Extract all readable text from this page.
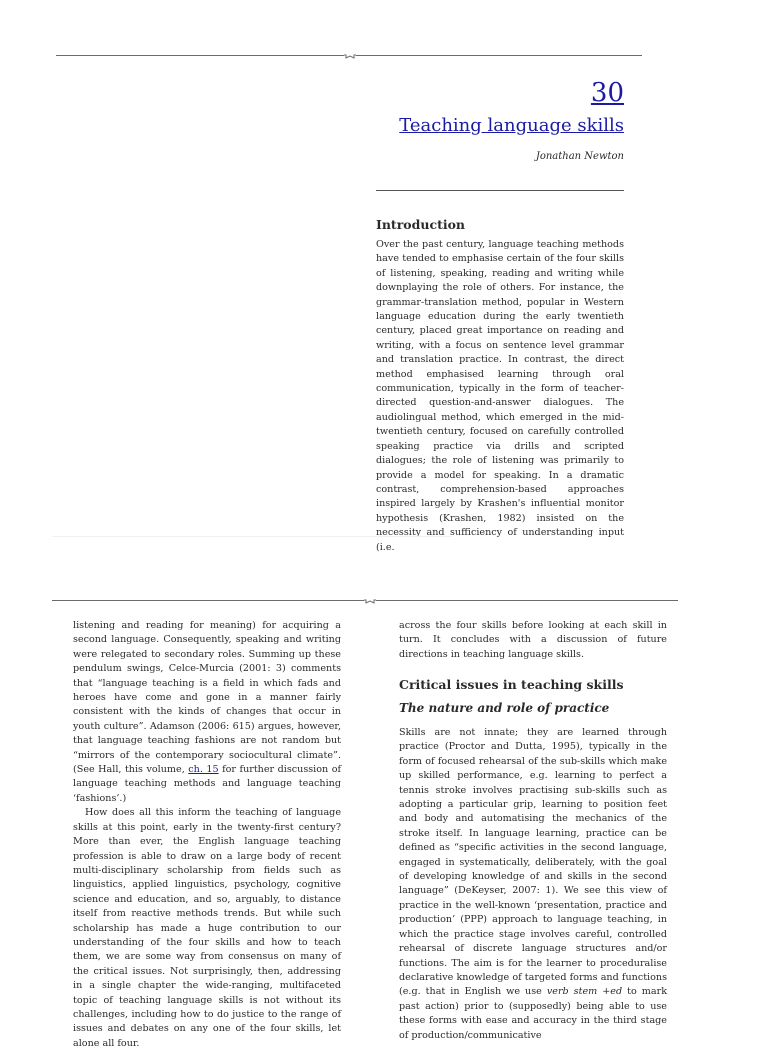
30
Teaching language skills
Jonathan Newton
Introduction

Over the past century, language teaching methods have tended to emphasise certain of the four skills of listening, speaking, reading and writing while downplaying the role of others. For instance, the grammar-translation method, popular in Western language education during the early twentieth century, placed great importance on reading and writing, with a focus on sentence level grammar and translation practice. In contrast, the direct method emphasised learning through oral communication, typically in the form of teacher-directed question-and-answer dialogues. The audiolingual method, which emerged in the mid-twentieth century, focused on carefully controlled speaking practice via drills and scripted dialogues; the role of listening was primarily to provide a model for speaking. In a dramatic contrast, comprehension-based approaches inspired largely by Krashen's influential monitor hypothesis (Krashen, 1982) insisted on the necessity and sufficiency of understanding input (i.e.

listening and reading for meaning) for acquiring a second language. Consequently, speaking and writing were relegated to secondary roles. Summing up these pendulum swings, Celce-Murcia (2001: 3) comments that “language teaching is a field in which fads and heroes have come and gone in a manner fairly consistent with the kinds of changes that occur in youth culture”. Adamson (2006: 615) argues, however, that language teaching fashions are not random but “mirrors of the contemporary sociocultural climate”. (See Hall, this volume, ch. 15 for further discussion of language teaching methods and language teaching ‘fashions’.)

How does all this inform the teaching of language skills at this point, early in the twenty-first century? More than ever, the English language teaching profession is able to draw on a large body of recent multi-disciplinary scholarship from fields such as linguistics, applied linguistics, psychology, cognitive science and education, and so, arguably, to distance itself from reactive methods trends. But while such scholarship has made a huge contribution to our understanding of the four skills and how to teach them, we are some way from consensus on many of the critical issues. Not surprisingly, then, addressing in a single chapter the wide-ranging, multifaceted topic of teaching language skills is not without its challenges, including how to do justice to the range of issues and debates on any one of the four skills, let alone all four.

across the four skills before looking at each skill in turn. It concludes with a discussion of future directions in teaching language skills.

Critical issues in teaching skills
The nature and role of practice

Skills are not innate; they are learned through practice (Proctor and Dutta, 1995), typically in the form of focused rehearsal of the sub-skills which make up skilled performance, e.g. learning to perfect a tennis stroke involves practising sub-skills such as adopting a particular grip, learning to position feet and body and automatising the mechanics of the stroke itself. In language learning, practice can be defined as “specific activities in the second language, engaged in systematically, deliberately, with the goal of developing knowledge of and skills in the second language” (DeKeyser, 2007: 1). We see this view of practice in the well-known ‘presentation, practice and production’ (PPP) approach to language teaching, in which the practice stage involves careful, controlled rehearsal of discrete language structures and/or functions. The aim is for the learner to proceduralise declarative knowledge of targeted forms and functions (e.g. that in English we use verb stem +ed to mark past action) prior to (supposedly) being able to use these forms with ease and accuracy in the third stage of production/communicative
